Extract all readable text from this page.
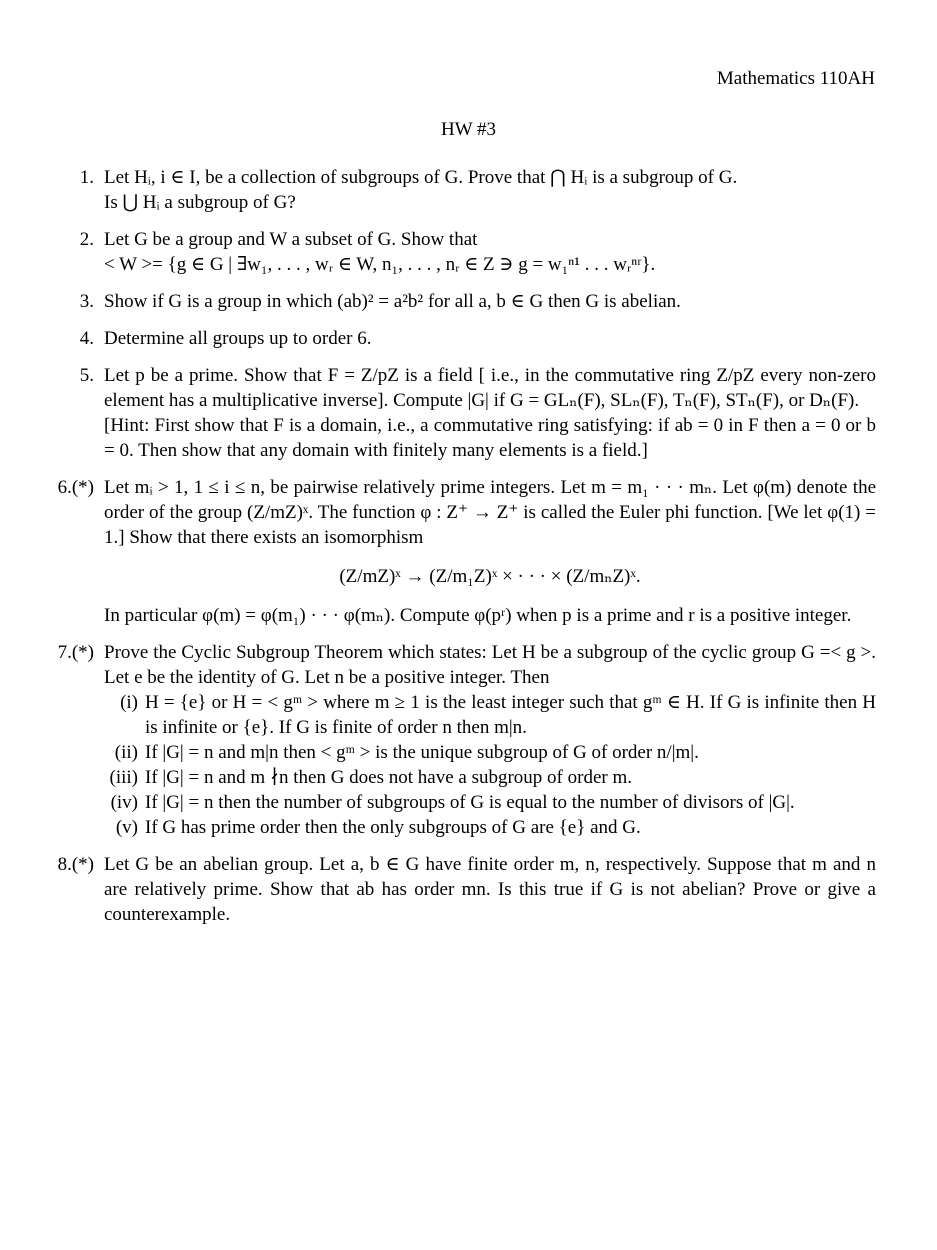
Mathematics 110AH
HW #3
1. Let Hᵢ, i ∈ I, be a collection of subgroups of G. Prove that ⋂ Hᵢ is a subgroup of G.
Is ⋃ Hᵢ a subgroup of G?
2. Let G be a group and W a subset of G. Show that
< W >= {g ∈ G | ∃w₁, . . . , wᵣ ∈ W, n₁, . . . , nᵣ ∈ Z ∋ g = w₁ⁿ¹ . . . wᵣⁿʳ}.
3. Show if G is a group in which (ab)² = a²b² for all a, b ∈ G then G is abelian.
4. Determine all groups up to order 6.
5. Let p be a prime. Show that F = Z/pZ is a field [ i.e., in the commutative ring Z/pZ every non-zero element has a multiplicative inverse]. Compute |G| if G = GLₙ(F), SLₙ(F), Tₙ(F), STₙ(F), or Dₙ(F).
[Hint: First show that F is a domain, i.e., a commutative ring satisfying: if ab = 0 in F then a = 0 or b = 0. Then show that any domain with finitely many elements is a field.]
6.(*) Let mᵢ > 1, 1 ≤ i ≤ n, be pairwise relatively prime integers. Let m = m₁ · · · mₙ. Let φ(m) denote the order of the group (Z/mZ)ˣ. The function φ : Z⁺ → Z⁺ is called the Euler phi function. [We let φ(1) = 1.] Show that there exists an isomorphism
(Z/mZ)ˣ → (Z/m₁Z)ˣ × · · · × (Z/mₙZ)ˣ.
In particular φ(m) = φ(m₁) · · · φ(mₙ). Compute φ(pʳ) when p is a prime and r is a positive integer.
7.(*) Prove the Cyclic Subgroup Theorem which states: Let H be a subgroup of the cyclic group G =< g >. Let e be the identity of G. Let n be a positive integer. Then
(i) H = {e} or H = < gᵐ > where m ≥ 1 is the least integer such that gᵐ ∈ H. If G is infinite then H is infinite or {e}. If G is finite of order n then m|n.
(ii) If |G| = n and m|n then < gᵐ > is the unique subgroup of G of order n/|m|.
(iii) If |G| = n and m ∤n then G does not have a subgroup of order m.
(iv) If |G| = n then the number of subgroups of G is equal to the number of divisors of |G|.
(v) If G has prime order then the only subgroups of G are {e} and G.
8.(*) Let G be an abelian group. Let a, b ∈ G have finite order m, n, respectively. Suppose that m and n are relatively prime. Show that ab has order mn. Is this true if G is not abelian? Prove or give a counterexample.
